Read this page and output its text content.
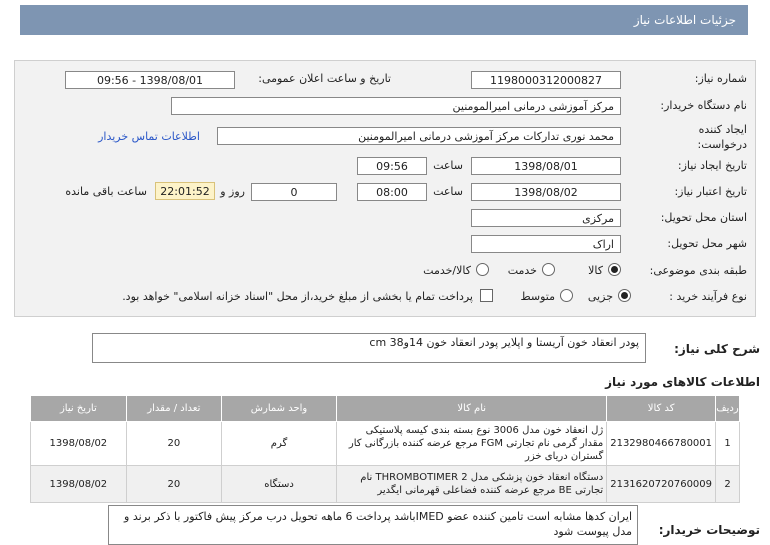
جزئیات اطلاعات نیاز
شماره نیاز:
1198000312000827
تاریخ و ساعت اعلان عمومی:
1398/08/01 - 09:56
نام دستگاه خریدار:
مرکز آموزشی درمانی امیرالمومنین
ایجاد کننده
درخواست:
محمد نوری تدارکات مرکز آموزشی درمانی امیرالمومنین
اطلاعات تماس خریدار
تاریخ ایجاد نیاز:
1398/08/01
ساعت
09:56
تاریخ اعتبار نیاز:
1398/08/02
ساعت
08:00
0
روز و
22:01:52
ساعت باقی مانده
استان محل تحویل:
مرکزی
شهر محل تحویل:
اراک
طبقه بندی موضوعی:
کالا
خدمت
کالا/خدمت
نوع فرآیند خرید :
جزیی
متوسط
پرداخت تمام یا بخشی از مبلغ خرید،از محل "اسناد خزانه اسلامی" خواهد بود.
شرح کلی نیاز:
پودر انعقاد خون آریستا و اپلایر پودر انعقاد خون 14و38 cm
اطلاعات کالاهای مورد نیاز
ردیف	کد کالا	نام کالا	واحد شمارش	تعداد / مقدار	تاریخ نیاز
1	2132980466780001	ژل انعقاد خون مدل 3006 نوع بسته بندی کیسه پلاستیکی مقدار گرمی نام تجارتی FGM مرجع عرضه کننده بازرگانی کار گستران دریای خزر	گرم	20	1398/08/02
2	2131620720760009	دستگاه انعقاد خون پزشکی مدل THROMBOTIMER 2 نام تجارتی BE مرجع عرضه کننده فضاعلی قهرمانی ایگدیر	دستگاه	20	1398/08/02
توضیحات خریدار:
ایران کدها مشابه است تامین کننده عضو IMEDباشد پرداخت 6 ماهه تحویل درب مرکز پیش فاکتور با ذکر برند و مدل پیوست شود
